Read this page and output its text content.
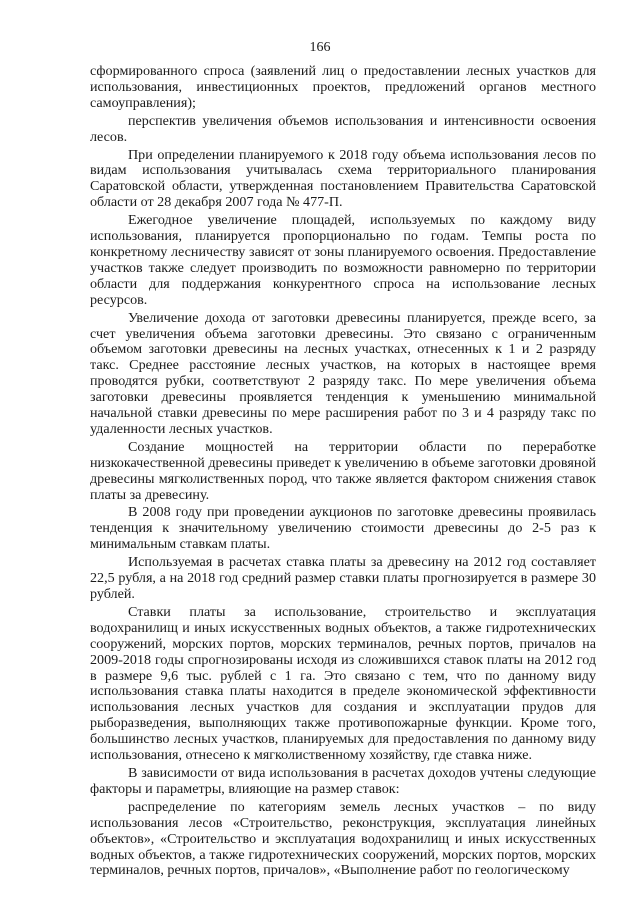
166

сформированного спроса (заявлений лиц о предоставлении лесных участков для использования, инвестиционных проектов, предложений органов местного самоуправления);

перспектив увеличения объемов использования и интенсивности освоения лесов.

При определении планируемого к 2018 году объема использования лесов по видам использования учитывалась схема территориального планирования Саратовской области, утвержденная постановлением Правительства Саратовской области от 28 декабря 2007 года № 477-П.

Ежегодное увеличение площадей, используемых по каждому виду использования, планируется пропорционально по годам. Темпы роста по конкретному лесничеству зависят от зоны планируемого освоения. Предоставление участков также следует производить по возможности равномерно по территории области для поддержания конкурентного спроса на использование лесных ресурсов.

Увеличение дохода от заготовки древесины планируется, прежде всего, за счет увеличения объема заготовки древесины. Это связано с ограниченным объемом заготовки древесины на лесных участках, отнесенных к 1 и 2 разряду такс. Среднее расстояние лесных участков, на которых в настоящее время проводятся рубки, соответствуют 2 разряду такс. По мере увеличения объема заготовки древесины проявляется тенденция к уменьшению минимальной начальной ставки древесины по мере расширения работ по 3 и 4 разряду такс по удаленности лесных участков.

Создание мощностей на территории области по переработке низкокачественной древесины приведет к увеличению в объеме заготовки дровяной древесины мягколиственных пород, что также является фактором снижения ставок платы за древесину.

В 2008 году при проведении аукционов по заготовке древесины проявилась тенденция к значительному увеличению стоимости древесины до 2-5 раз к минимальным ставкам платы.

Используемая в расчетах ставка платы за древесину на 2012 год составляет 22,5 рубля, а на 2018 год средний размер ставки платы прогнозируется в размере 30 рублей.

Ставки платы за использование, строительство и эксплуатация водохранилищ и иных искусственных водных объектов, а также гидротехнических сооружений, морских портов, морских терминалов, речных портов, причалов на 2009-2018 годы спрогнозированы исходя из сложившихся ставок платы на 2012 год в размере 9,6 тыс. рублей с 1 га. Это связано с тем, что по данному виду использования ставка платы находится в пределе экономической эффективности использования лесных участков для создания и эксплуатации прудов для рыборазведения, выполняющих также противопожарные функции. Кроме того, большинство лесных участков, планируемых для предоставления по данному виду использования, отнесено к мягколиственному хозяйству, где ставка ниже.

В зависимости от вида использования в расчетах доходов учтены следующие факторы и параметры, влияющие на размер ставок:

распределение по категориям земель лесных участков – по виду использования лесов «Строительство, реконструкция, эксплуатация линейных объектов», «Строительство и эксплуатация водохранилищ и иных искусственных водных объектов, а также гидротехнических сооружений, морских портов, морских терминалов, речных портов, причалов», «Выполнение работ по геологическому
